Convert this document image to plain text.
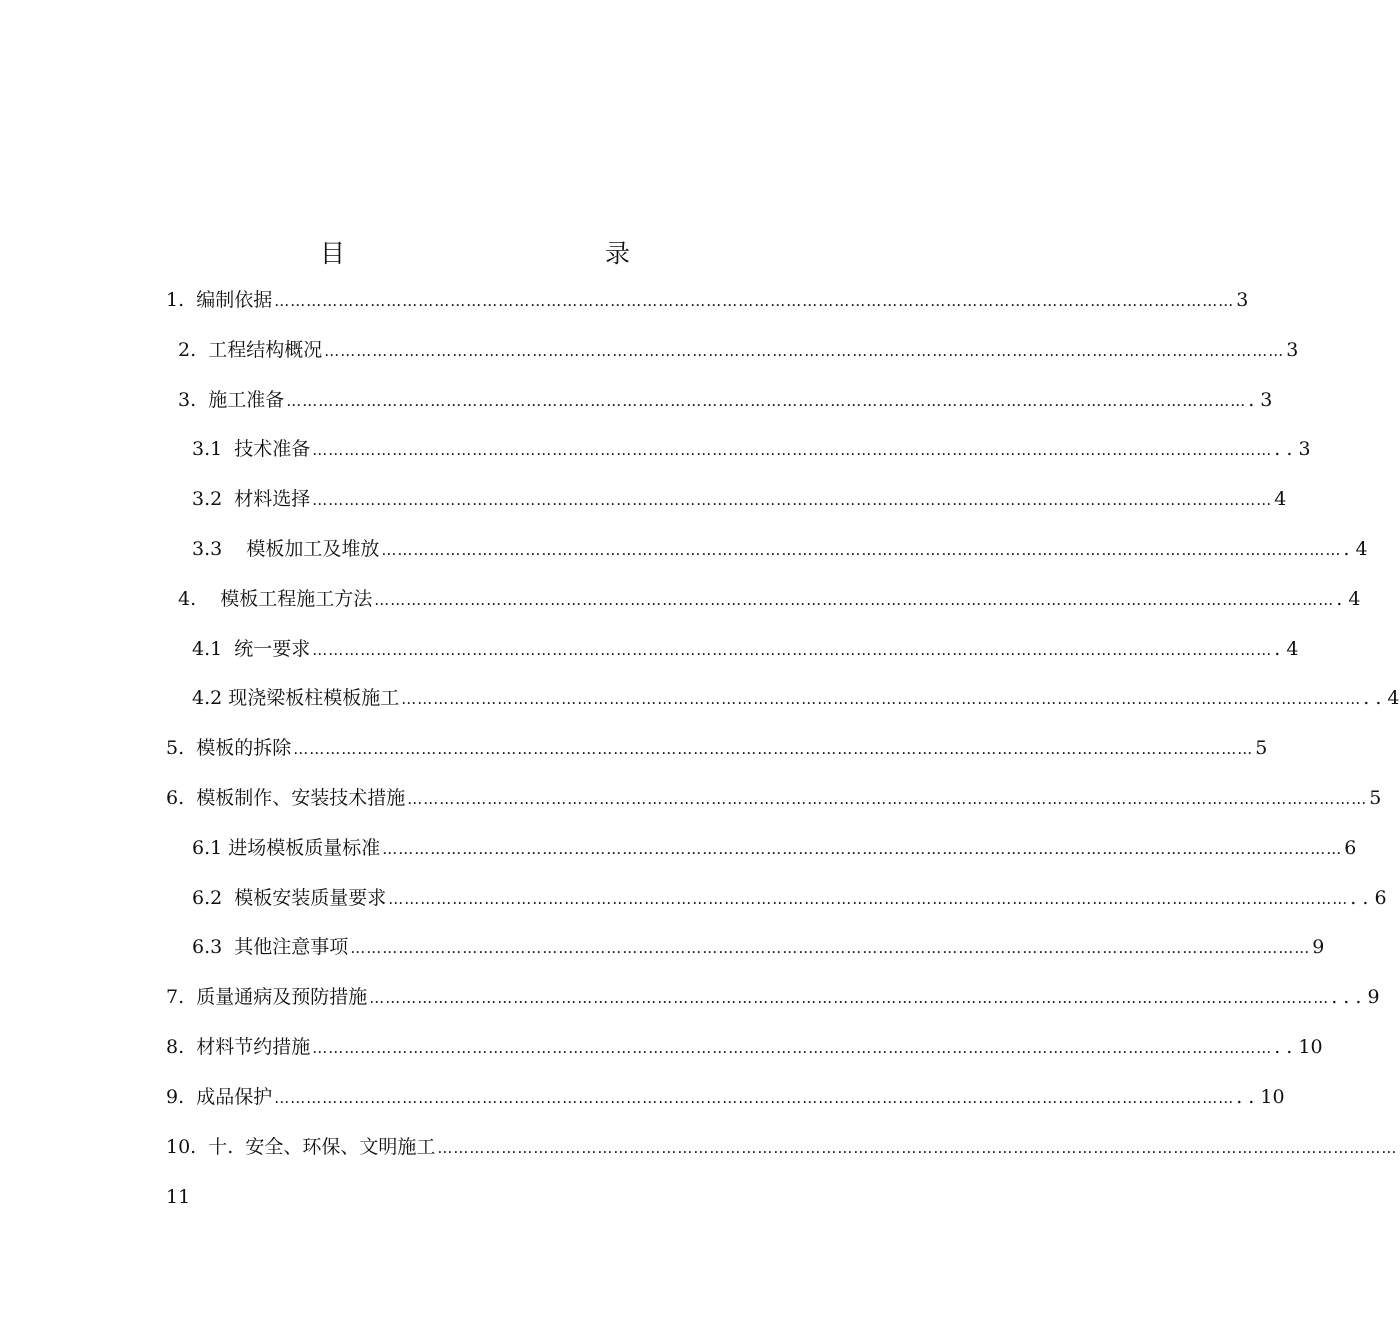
目　　录
1.  编制依据 ……………………………………………………………………………………………………………………………………………………………… 3
2.  工程结构概况 ……………………………………………………………………………………………………………………………………………………………… 3
3.  施工准备 ……………………………………………………………………………………………………………………………………………………………… . 3
3.1  技术准备 ……………………………………………………………………………………………………………………………………………………………… . . 3
3.2  材料选择 ……………………………………………………………………………………………………………………………………………………………… 4
3.3    模板加工及堆放 ……………………………………………………………………………………………………………………………………………………………… . 4
4.    模板工程施工方法 ……………………………………………………………………………………………………………………………………………………………… . 4
4.1  统一要求 ……………………………………………………………………………………………………………………………………………………………… . 4
4.2 现浇梁板柱模板施工 ……………………………………………………………………………………………………………………………………………………………… . . 4
5.  模板的拆除 ……………………………………………………………………………………………………………………………………………………………… 5
6.  模板制作、安装技术措施 ……………………………………………………………………………………………………………………………………………………………… 5
6.1 进场模板质量标准 ……………………………………………………………………………………………………………………………………………………………… 6
6.2  模板安装质量要求 ……………………………………………………………………………………………………………………………………………………………… . . 6
6.3  其他注意事项 ……………………………………………………………………………………………………………………………………………………………… 9
7.  质量通病及预防措施 ……………………………………………………………………………………………………………………………………………………………… . . . 9
8.  材料节约措施 ……………………………………………………………………………………………………………………………………………………………… . . 10
9.  成品保护 ……………………………………………………………………………………………………………………………………………………………… . . 10
10.  十.  安全、环保、文明施工 ………………………………………………………………………………………………………………………………………………………………
11
